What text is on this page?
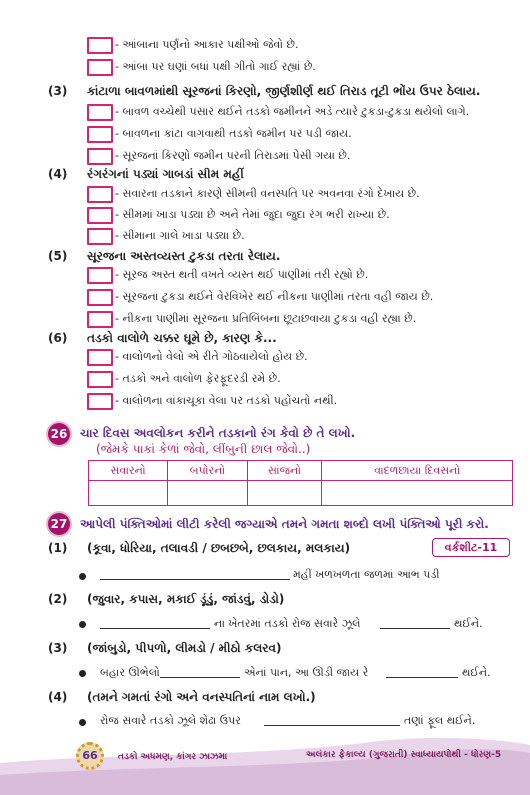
- આંબાના પર્ણનો આકાર પક્ષીઓ જેવો છે.
- આંબા પર ઘણાં બધાં પક્ષી ગીતો ગાઈ રહ્યાં છે.
(3) કાંટાળા બાવળમાંથી સૂરજનાં કિરણો, જીર્ણશીર્ણ થઈ તિરાડ તૂટી ભોંય ઉપર ઠેલાય.
- બાવળ વચ્ચેથી પસાર થઈને તડકો જમીનને અડે ત્યારે ટુકડા-ટુકડા થયેલો લાગે.
- બાવળના કાંટા વાગવાથી તડકો જમીન પર પડી જાય.
- સૂરજનાં કિરણો જમીન પરની તિરાડમાં પેસી ગયાં છે.
(4) રંગરંગનાં પડ્યાં ગાબડાં સીમ મહીં
- સવારના તડકાને કારણે સીમની વનસ્પતિ પર અવનવા રંગો દેખાય છે.
- સીમમાં ખાડા પડ્યા છે અને તેમાં જુદા જુદા રંગ ભરી રાખ્યા છે.
- સીમાના ગાલે ખાડા પડ્યા છે.
(5) સૂરજના અસ્તવ્યસ્ત ટુકડા તરતા રેલાય.
- સૂરજ અસ્ત થતી વખતે વ્યસ્ત થઈ પાણીમાં તરી રહ્યો છે.
- સૂરજના ટુકડા થઈને વેરવિખેર થઈ નીકના પાણીમાં તરતા વહી જાય છે.
- નીકના પાણીમાં સૂરજના પ્રતિબિંબના છૂટાછવાયા ટુકડા વહી રહ્યા છે.
(6) તડકો વાલોળે ચક્કર ઘૂમે છે, કારણ કે...
- વાલોળનો વેલો એ રીતે ગોઠવાયેલો હોય છે.
- તડકો અને વાલોળ ફેરફૂદરડી રમે છે.
- વાલોળના વાંકાચૂકા વેલા પર તડકો પહોંચતો નથી.
26 ચાર દિવસ અવલોકન કરીને તડકાનો રંગ કેવો છે તે લખો.
(જેમકે પાકાં કેળાં જેવો, લીંબુની છાલ જેવો..)
સવારનો	બપોરનો	સાંજનો	વાદળછાયા દિવસનો

27 આપેલી પંક્તિઓમાં લીટી કરેલી જગ્યાએ તમને ગમતા શબ્દો લખી પંક્તિઓ પૂરી કરો.
વર્કશીટ-11
(1) (કૂવા, ધોરિયા, તલાવડી / છબછબે, છલકાય, મલકાય)
મહીં ખળખળતા જળમાં આભ પડી
(2) (જુવાર, કપાસ, મકાઈ ડૂંડું, જાંડવું, ડોડો)
ના ખેતરમાં તડકો રોજ સવારે ઝૂલે	થઈને.
(3) (જાંબુડો, પીપળો, લીમડો / મીઠો કલરવ)
બહાર ઊભેલો	એનાં પાન, આ ઊડી જાય રે	થઈને.
(4) (તમને ગમતાં રંગો અને વનસ્પતિનાં નામ લખો.)
રોજ સવારે તડકો ઝૂલે શેઢા ઉપર	તણાં ફૂલ થઈને.
66	તડકો અધમણ, કાંગર ઝાઝમા	અલંકાર ફેકાલ્ય (ગુજરાતી) સ્વાધ્યાયપોથી - ધોરણ-5
